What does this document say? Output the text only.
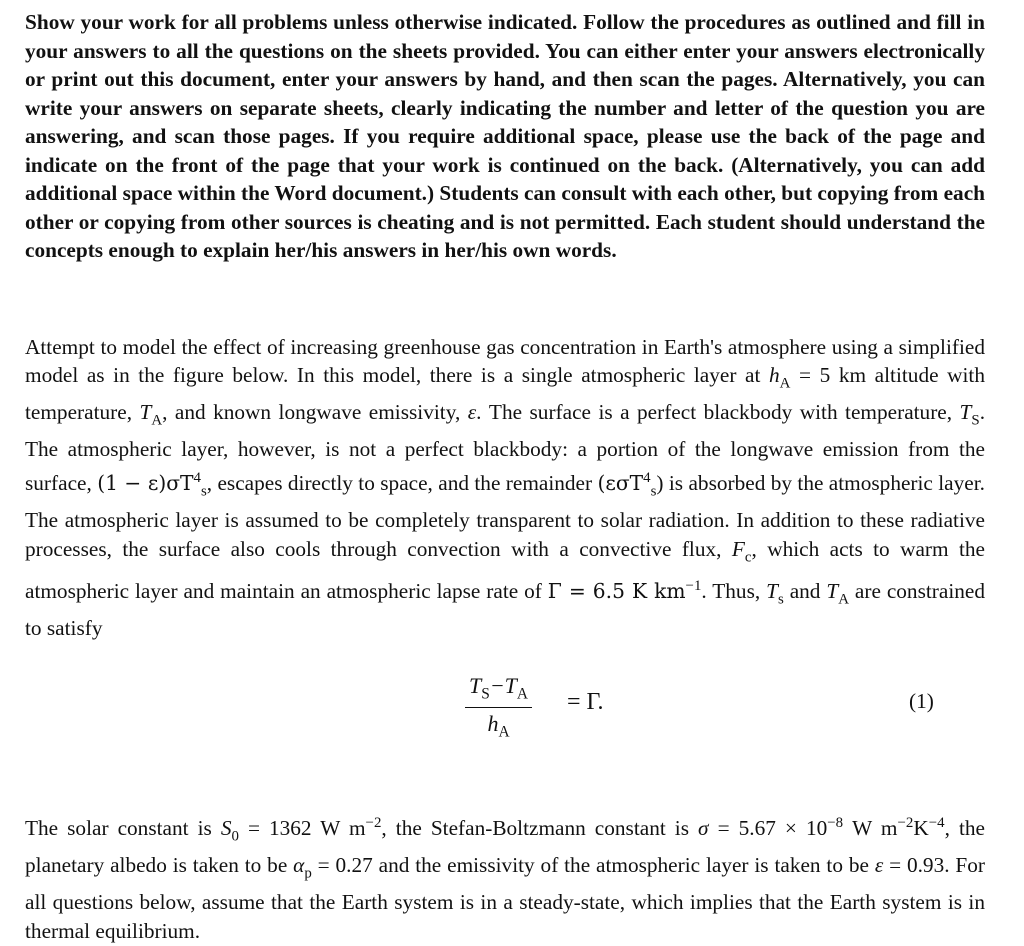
Show your work for all problems unless otherwise indicated. Follow the procedures as outlined and fill in your answers to all the questions on the sheets provided. You can either enter your answers electronically or print out this document, enter your answers by hand, and then scan the pages. Alternatively, you can write your answers on separate sheets, clearly indicating the number and letter of the question you are answering, and scan those pages. If you require additional space, please use the back of the page and indicate on the front of the page that your work is continued on the back. (Alternatively, you can add additional space within the Word document.) Students can consult with each other, but copying from each other or copying from other sources is cheating and is not permitted. Each student should understand the concepts enough to explain her/his answers in her/his own words.

Attempt to model the effect of increasing greenhouse gas concentration in Earth's atmosphere using a simplified model as in the figure below. In this model, there is a single atmospheric layer at $h_A = 5$ km altitude with temperature, $T_A$, and known longwave emissivity, ε. The surface is a perfect blackbody with temperature, $T_S$. The atmospheric layer, however, is not a perfect blackbody: a portion of the longwave emission from the surface, $(1 - \varepsilon)\sigma T^4_s$, escapes directly to space, and the remainder (εσT$^4_s$) is absorbed by the atmospheric layer. The atmospheric layer is assumed to be completely transparent to solar radiation. In addition to these radiative processes, the surface also cools through convection with a convective flux, $F_c$, which acts to warm the atmospheric layer and maintain an atmospheric lapse rate of Γ = 6.5 K $km^{-1}$. Thus, $T_s$ and $T_A$ are constrained to satisfy

$\frac{T_S-T_A}{h_A} = \Gamma$.	(1)

The solar constant is $S_0 = 1362$ W $m^{-2}$, the Stefan-Boltzmann constant is $\sigma = 5.67 \times 10^{-8}$ W $m^{-2}K^{-4}$, the planetary albedo is taken to be $\alpha_p = 0.27$ and the emissivity of the atmospheric layer is taken to be ε = 0.93. For all questions below, assume that the Earth system is in a steady-state, which implies that the Earth system is in thermal equilibrium.
